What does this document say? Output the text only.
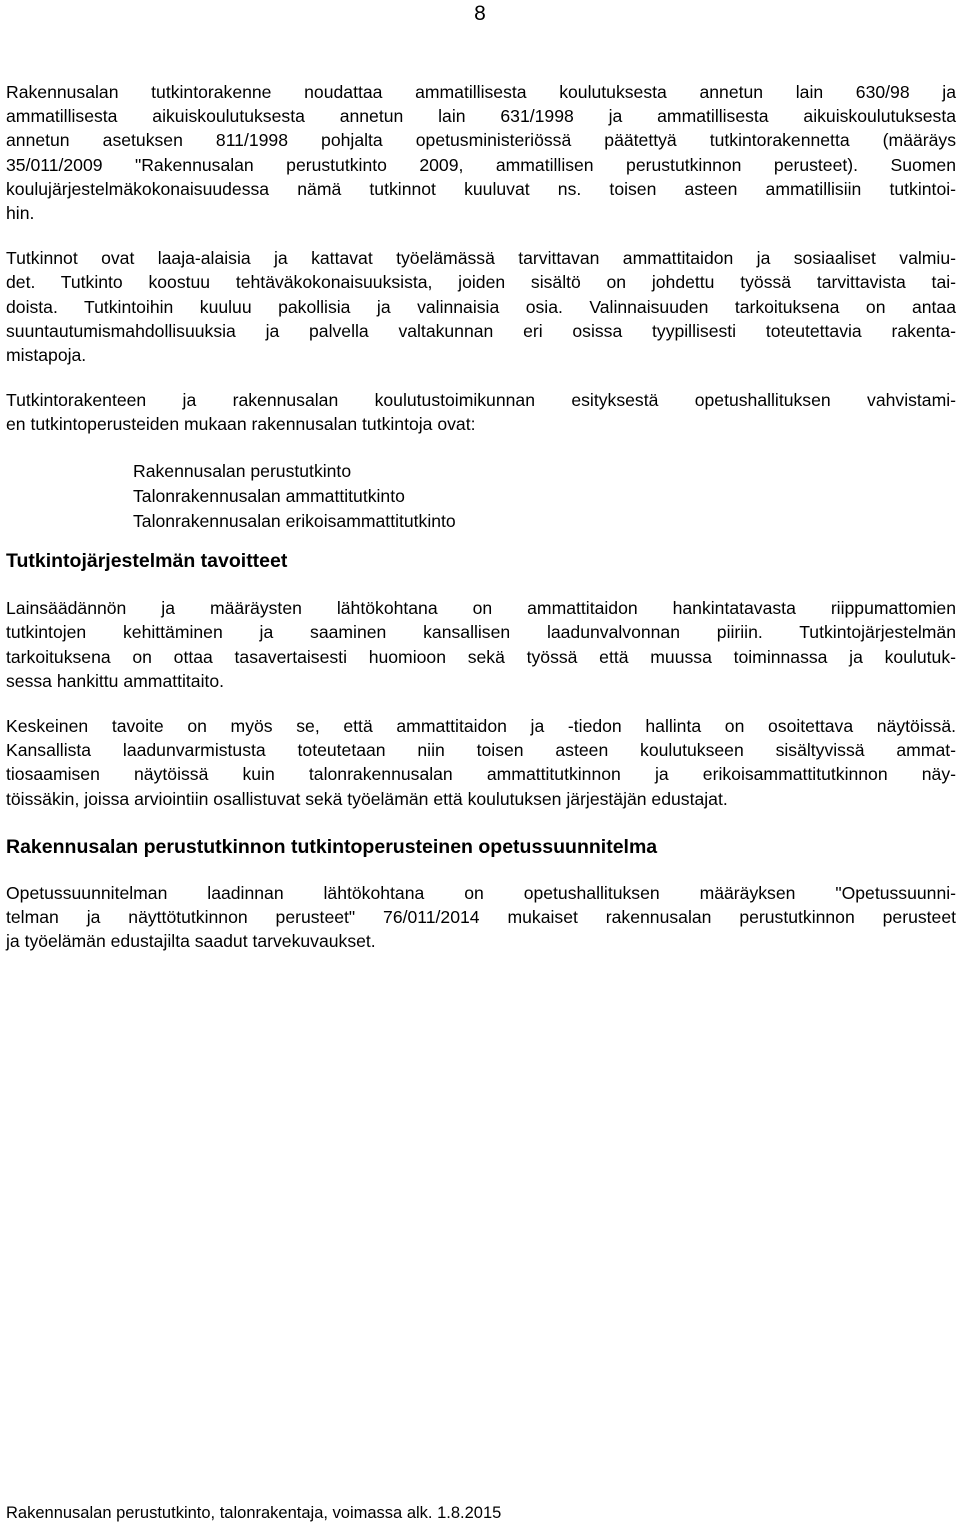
8

Rakennusalan tutkintorakenne noudattaa ammatillisesta koulutuksesta annetun lain 630/98 ja
ammatillisesta aikuiskoulutuksesta annetun lain 631/1998 ja ammatillisesta aikuiskoulutuksesta
annetun asetuksen 811/1998 pohjalta opetusministeriössä päätettyä tutkintorakennetta (määräys
35/011/2009 "Rakennusalan perustutkinto 2009, ammatillisen perustutkinnon perusteet). Suomen
koulujärjestelmäkokonaisuudessa nämä tutkinnot kuuluvat ns. toisen asteen ammatillisiin tutkintoi-
hin.

Tutkinnot ovat laaja-alaisia ja kattavat työelämässä tarvittavan ammattitaidon ja sosiaaliset valmiu-
det. Tutkinto koostuu tehtäväkokonaisuuksista, joiden sisältö on johdettu työssä tarvittavista tai-
doista. Tutkintoihin kuuluu pakollisia ja valinnaisia osia. Valinnaisuuden tarkoituksena on antaa
suuntautumismahdollisuuksia ja palvella valtakunnan eri osissa tyypillisesti toteutettavia rakenta-
mistapoja.

Tutkintorakenteen ja rakennusalan koulutustoimikunnan esityksestä opetushallituksen vahvistami-
en tutkintoperusteiden mukaan rakennusalan tutkintoja ovat:

Rakennusalan perustutkinto
Talonrakennusalan ammattitutkinto
Talonrakennusalan erikoisammattitutkinto
Tutkintojärjestelmän tavoitteet

Lainsäädännön ja määräysten lähtökohtana on ammattitaidon hankintatavasta riippumattomien
tutkintojen kehittäminen ja saaminen kansallisen laadunvalvonnan piiriin. Tutkintojärjestelmän
tarkoituksena on ottaa tasavertaisesti huomioon sekä työssä että muussa toiminnassa ja koulutuk-
sessa hankittu ammattitaito.

Keskeinen tavoite on myös se, että ammattitaidon ja -tiedon hallinta on osoitettava näytöissä.
Kansallista laadunvarmistusta toteutetaan niin toisen asteen koulutukseen sisältyvissä ammat-
tiosaamisen näytöissä kuin talonrakennusalan ammattitutkinnon ja erikoisammattitutkinnon näy-
töissäkin, joissa arviointiin osallistuvat sekä työelämän että koulutuksen järjestäjän edustajat.

Rakennusalan perustutkinnon tutkintoperusteinen opetussuunnitelma

Opetussuunnitelman laadinnan lähtökohtana on opetushallituksen määräyksen "Opetussuunni-
telman ja näyttötutkinnon perusteet" 76/011/2014 mukaiset rakennusalan perustutkinnon perusteet
ja työelämän edustajilta saadut tarvekuvaukset.

Rakennusalan perustutkinto, talonrakentaja, voimassa alk. 1.8.2015
